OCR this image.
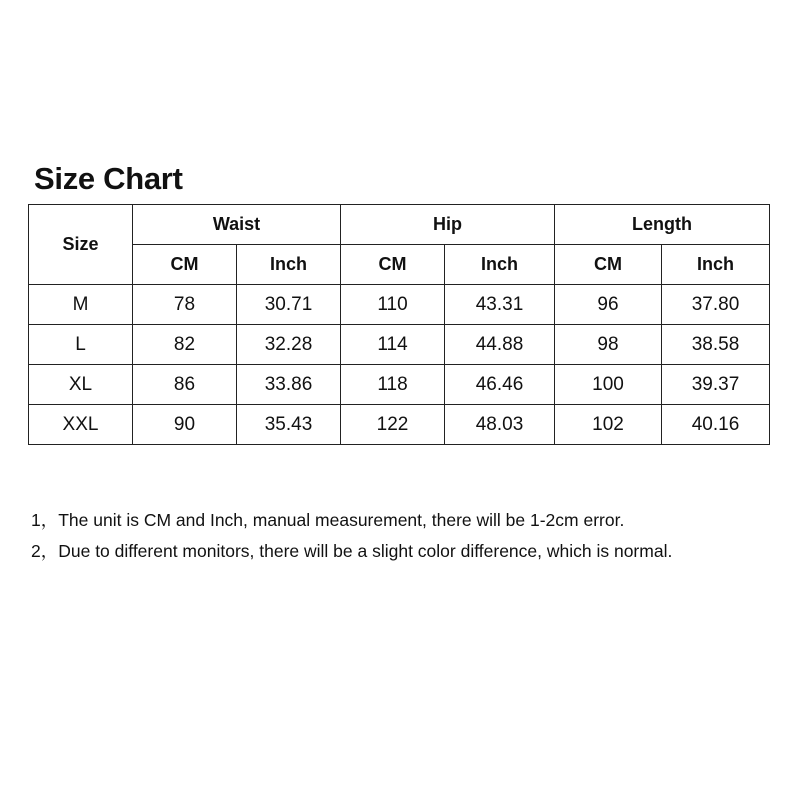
Size Chart
Size	Waist		Hip		Length	
	CM	Inch	CM	Inch	CM	Inch
M	78	30.71	110	43.31	96	37.80
L	82	32.28	114	44.88	98	38.58
XL	86	33.86	118	46.46	100	39.37
XXL	90	35.43	122	48.03	102	40.16
1，The unit is CM and Inch, manual measurement, there will be 1-2cm error.
2，Due to different monitors, there will be a slight color difference, which is normal.
